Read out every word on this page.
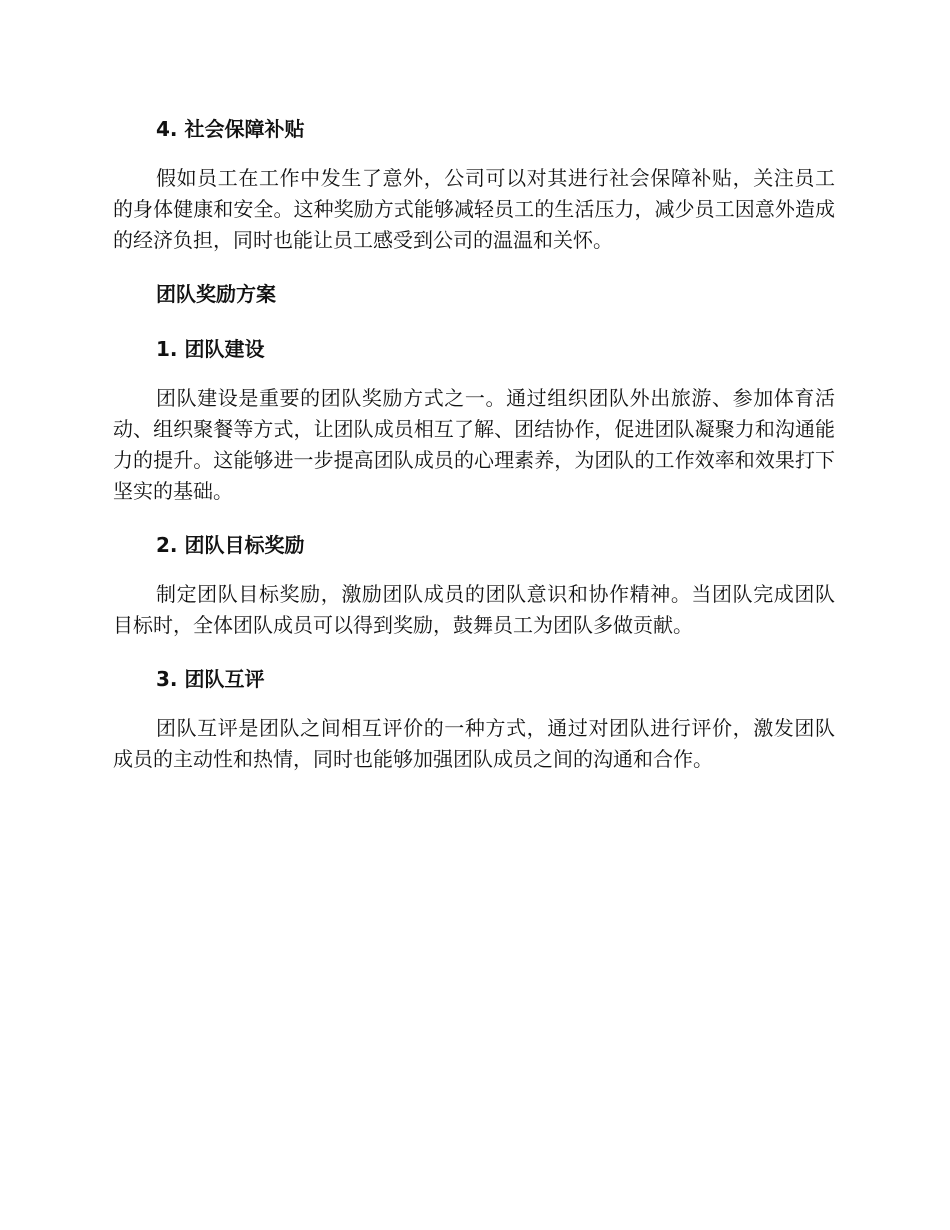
4. 社会保障补贴

假如员工在工作中发生了意外，公司可以对其进行社会保障补贴，关注员工的身体健康和安全。这种奖励方式能够减轻员工的生活压力，减少员工因意外造成的经济负担，同时也能让员工感受到公司的温温和关怀。

团队奖励方案
1. 团队建设

团队建设是重要的团队奖励方式之一。通过组织团队外出旅游、参加体育活动、组织聚餐等方式，让团队成员相互了解、团结协作，促进团队凝聚力和沟通能力的提升。这能够进一步提高团队成员的心理素养，为团队的工作效率和效果打下坚实的基础。

2. 团队目标奖励

制定团队目标奖励，激励团队成员的团队意识和协作精神。当团队完成团队目标时，全体团队成员可以得到奖励，鼓舞员工为团队多做贡献。

3. 团队互评

团队互评是团队之间相互评价的一种方式，通过对团队进行评价，激发团队成员的主动性和热情，同时也能够加强团队成员之间的沟通和合作。
